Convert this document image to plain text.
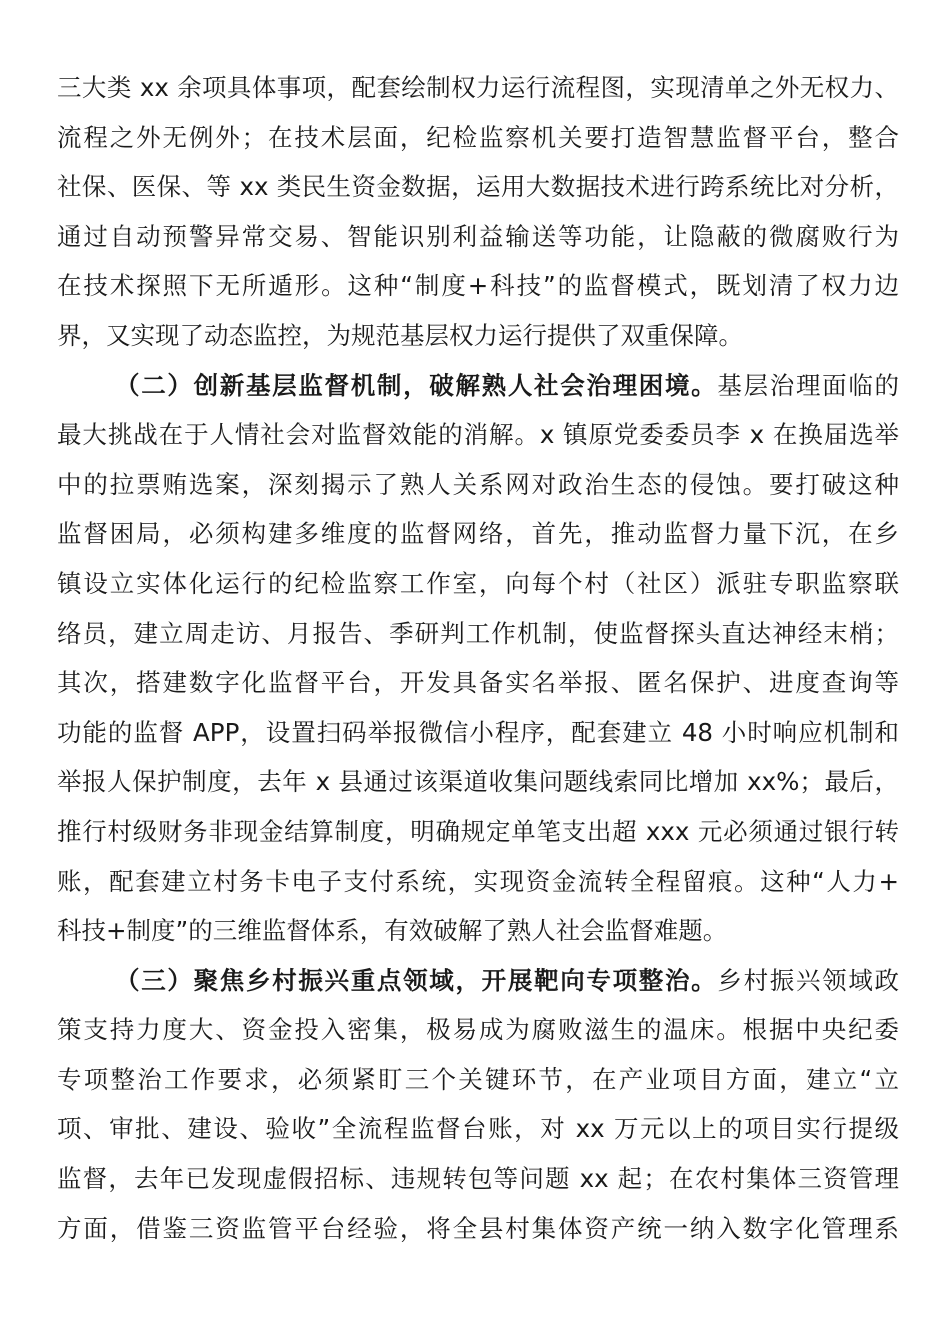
三大类 xx 余项具体事项，配套绘制权力运行流程图，实现清单之外无权力、
流程之外无例外；在技术层面，纪检监察机关要打造智慧监督平台，整合
社保、医保、等 xx 类民生资金数据，运用大数据技术进行跨系统比对分析，
通过自动预警异常交易、智能识别利益输送等功能，让隐蔽的微腐败行为
在技术探照下无所遁形。这种“制度+科技”的监督模式，既划清了权力边
界，又实现了动态监控，为规范基层权力运行提供了双重保障。
（二）创新基层监督机制，破解熟人社会治理困境。基层治理面临的
最大挑战在于人情社会对监督效能的消解。x 镇原党委委员李 x 在换届选举
中的拉票贿选案，深刻揭示了熟人关系网对政治生态的侵蚀。要打破这种
监督困局，必须构建多维度的监督网络，首先，推动监督力量下沉，在乡
镇设立实体化运行的纪检监察工作室，向每个村（社区）派驻专职监察联
络员，建立周走访、月报告、季研判工作机制，使监督探头直达神经末梢；
其次，搭建数字化监督平台，开发具备实名举报、匿名保护、进度查询等
功能的监督 APP，设置扫码举报微信小程序，配套建立 48 小时响应机制和
举报人保护制度，去年 x 县通过该渠道收集问题线索同比增加 xx%；最后，
推行村级财务非现金结算制度，明确规定单笔支出超 xxx 元必须通过银行转
账，配套建立村务卡电子支付系统，实现资金流转全程留痕。这种“人力+
科技+制度”的三维监督体系，有效破解了熟人社会监督难题。
（三）聚焦乡村振兴重点领域，开展靶向专项整治。乡村振兴领域政
策支持力度大、资金投入密集，极易成为腐败滋生的温床。根据中央纪委
专项整治工作要求，必须紧盯三个关键环节，在产业项目方面，建立“立
项、审批、建设、验收”全流程监督台账，对 xx 万元以上的项目实行提级
监督，去年已发现虚假招标、违规转包等问题 xx 起；在农村集体三资管理
方面，借鉴三资监管平台经验，将全县村集体资产统一纳入数字化管理系
